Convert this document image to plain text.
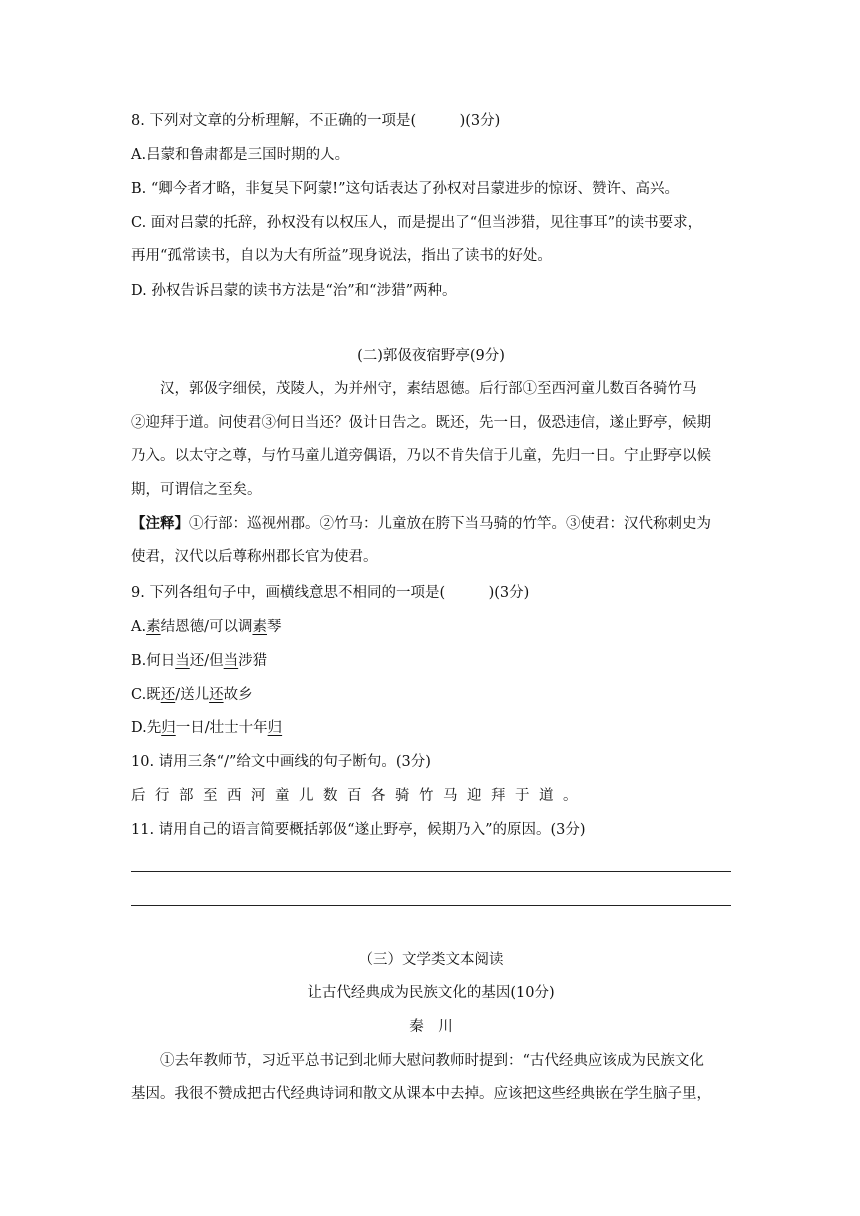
8. 下列对文章的分析理解，不正确的一项是(　　　)(3分)
A.吕蒙和鲁肃都是三国时期的人。
B. “卿今者才略，非复吴下阿蒙!”这句话表达了孙权对吕蒙进步的惊讶、赞许、高兴。
C. 面对吕蒙的托辞，孙权没有以权压人，而是提出了“但当涉猎，见往事耳”的读书要求，
再用“孤常读书，自以为大有所益”现身说法，指出了读书的好处。
D. 孙权告诉吕蒙的读书方法是“治”和“涉猎”两种。
(二)郭伋夜宿野亭(9分)
汉，郭伋字细侯，茂陵人，为并州守，素结恩德。后行部①至西河童儿数百各骑竹马
②迎拜于道。问使君③何日当还？伋计日告之。既还，先一日，伋恐违信，遂止野亭，候期
乃入。以太守之尊，与竹马童儿道旁偶语，乃以不肯失信于儿童，先归一日。宁止野亭以候
期，可谓信之至矣。
【注释】①行部：巡视州郡。②竹马：儿童放在胯下当马骑的竹竿。③使君：汉代称刺史为
使君，汉代以后尊称州郡长官为使君。
9. 下列各组句子中，画横线意思不相同的一项是(　　　)(3分)
A.素结恩德/可以调素琴
B.何日当还/但当涉猎
C.既还/送儿还故乡
D.先归一日/壮士十年归
10. 请用三条“/”给文中画线的句子断句。(3分)
后行部至西河童儿数百各骑竹马迎拜于道。
11. 请用自己的语言简要概括郭伋“遂止野亭，候期乃入”的原因。(3分)
（三）文学类文本阅读
让古代经典成为民族文化的基因(10分)
秦　川
①去年教师节，习近平总书记到北师大慰问教师时提到：“古代经典应该成为民族文化
基因。我很不赞成把古代经典诗词和散文从课本中去掉。应该把这些经典嵌在学生脑子里，
